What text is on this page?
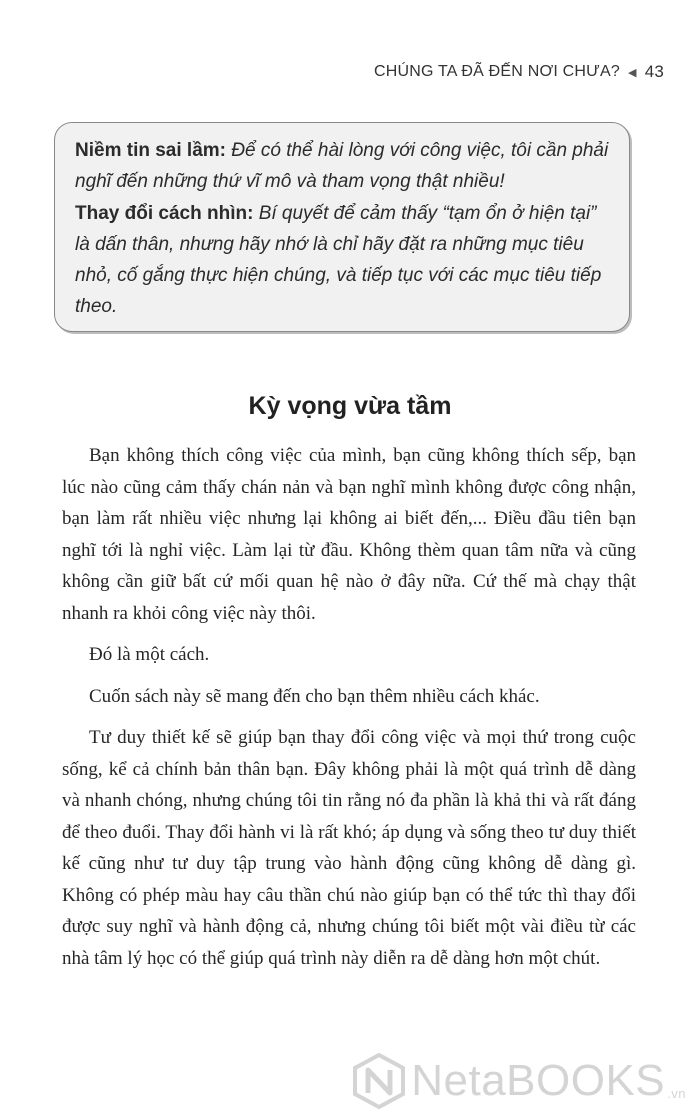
CHÚNG TA ĐÃ ĐẾN NƠI CHƯA? ◀ 43

Niềm tin sai lầm: Để có thể hài lòng với công việc, tôi cần phải nghĩ đến những thứ vĩ mô và tham vọng thật nhiều!

Thay đổi cách nhìn: Bí quyết để cảm thấy “tạm ổn ở hiện tại” là dấn thân, nhưng hãy nhớ là chỉ hãy đặt ra những mục tiêu nhỏ, cố gắng thực hiện chúng, và tiếp tục với các mục tiêu tiếp theo.

Kỳ vọng vừa tầm

Bạn không thích công việc của mình, bạn cũng không thích sếp, bạn lúc nào cũng cảm thấy chán nản và bạn nghĩ mình không được công nhận, bạn làm rất nhiều việc nhưng lại không ai biết đến,... Điều đầu tiên bạn nghĩ tới là nghỉ việc. Làm lại từ đầu. Không thèm quan tâm nữa và cũng không cần giữ bất cứ mối quan hệ nào ở đây nữa. Cứ thế mà chạy thật nhanh ra khỏi công việc này thôi.

Đó là một cách.

Cuốn sách này sẽ mang đến cho bạn thêm nhiều cách khác.

Tư duy thiết kế sẽ giúp bạn thay đổi công việc và mọi thứ trong cuộc sống, kể cả chính bản thân bạn. Đây không phải là một quá trình dễ dàng và nhanh chóng, nhưng chúng tôi tin rằng nó đa phần là khả thi và rất đáng để theo đuổi. Thay đổi hành vi là rất khó; áp dụng và sống theo tư duy thiết kế cũng như tư duy tập trung vào hành động cũng không dễ dàng gì. Không có phép màu hay câu thần chú nào giúp bạn có thể tức thì thay đổi được suy nghĩ và hành động cả, nhưng chúng tôi biết một vài điều từ các nhà tâm lý học có thể giúp quá trình này diễn ra dễ dàng hơn một chút.

NetaBOOKS .vn
